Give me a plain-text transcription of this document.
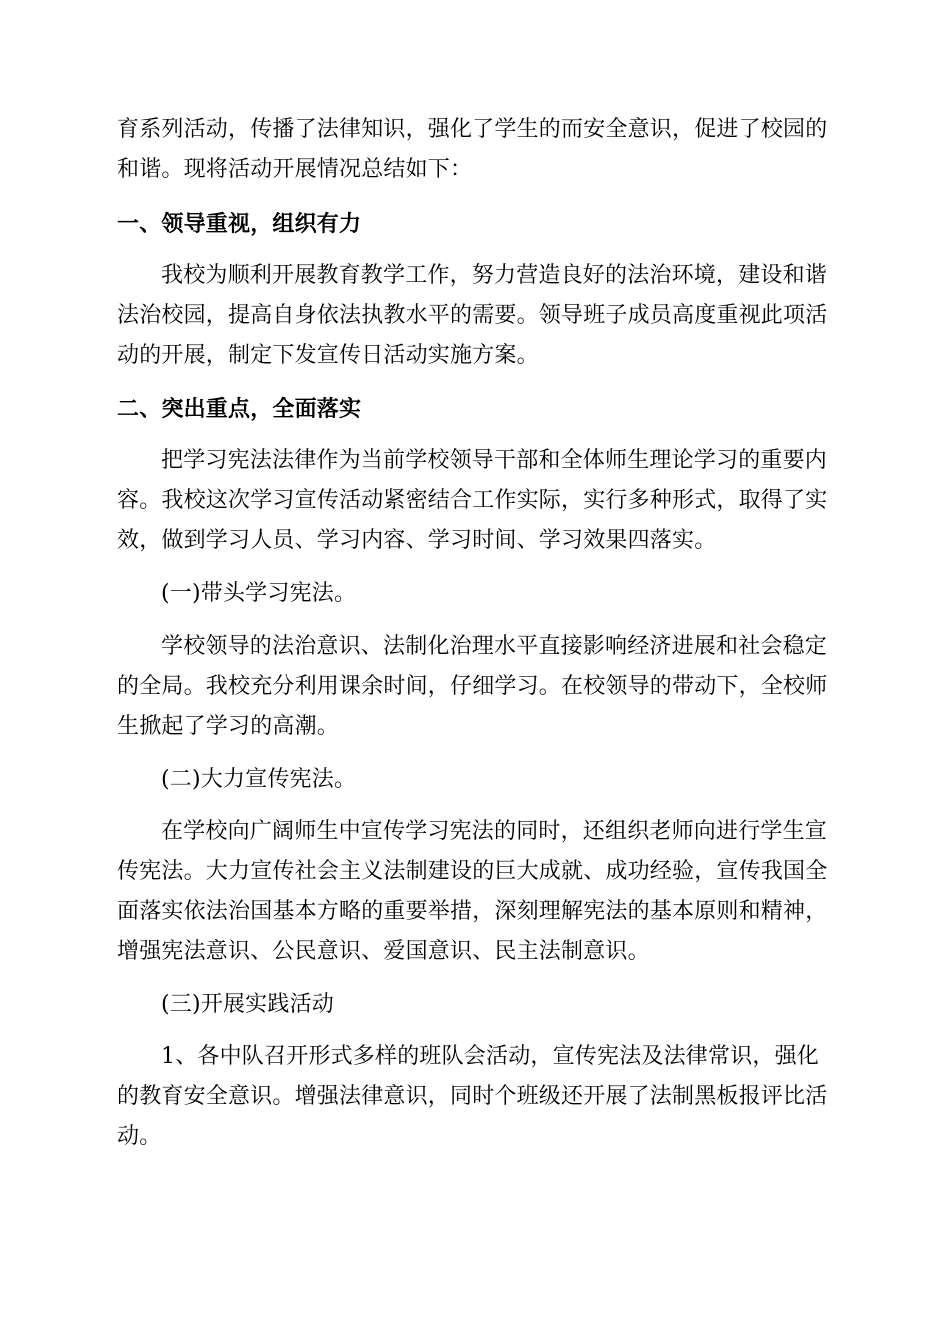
育系列活动，传播了法律知识，强化了学生的而安全意识，促进了校园的
和谐。现将活动开展情况总结如下：
一、领导重视，组织有力
我校为顺利开展教育教学工作，努力营造良好的法治环境，建设和谐
法治校园，提高自身依法执教水平的需要。领导班子成员高度重视此项活
动的开展，制定下发宣传日活动实施方案。
二、突出重点，全面落实
把学习宪法法律作为当前学校领导干部和全体师生理论学习的重要内
容。我校这次学习宣传活动紧密结合工作实际，实行多种形式，取得了实
效，做到学习人员、学习内容、学习时间、学习效果四落实。
(一)带头学习宪法。
学校领导的法治意识、法制化治理水平直接影响经济进展和社会稳定
的全局。我校充分利用课余时间，仔细学习。在校领导的带动下，全校师
生掀起了学习的高潮。
(二)大力宣传宪法。
在学校向广阔师生中宣传学习宪法的同时，还组织老师向进行学生宣
传宪法。大力宣传社会主义法制建设的巨大成就、成功经验，宣传我国全
面落实依法治国基本方略的重要举措，深刻理解宪法的基本原则和精神，
增强宪法意识、公民意识、爱国意识、民主法制意识。
(三)开展实践活动
1、各中队召开形式多样的班队会活动，宣传宪法及法律常识，强化
的教育安全意识。增强法律意识，同时个班级还开展了法制黑板报评比活
动。
